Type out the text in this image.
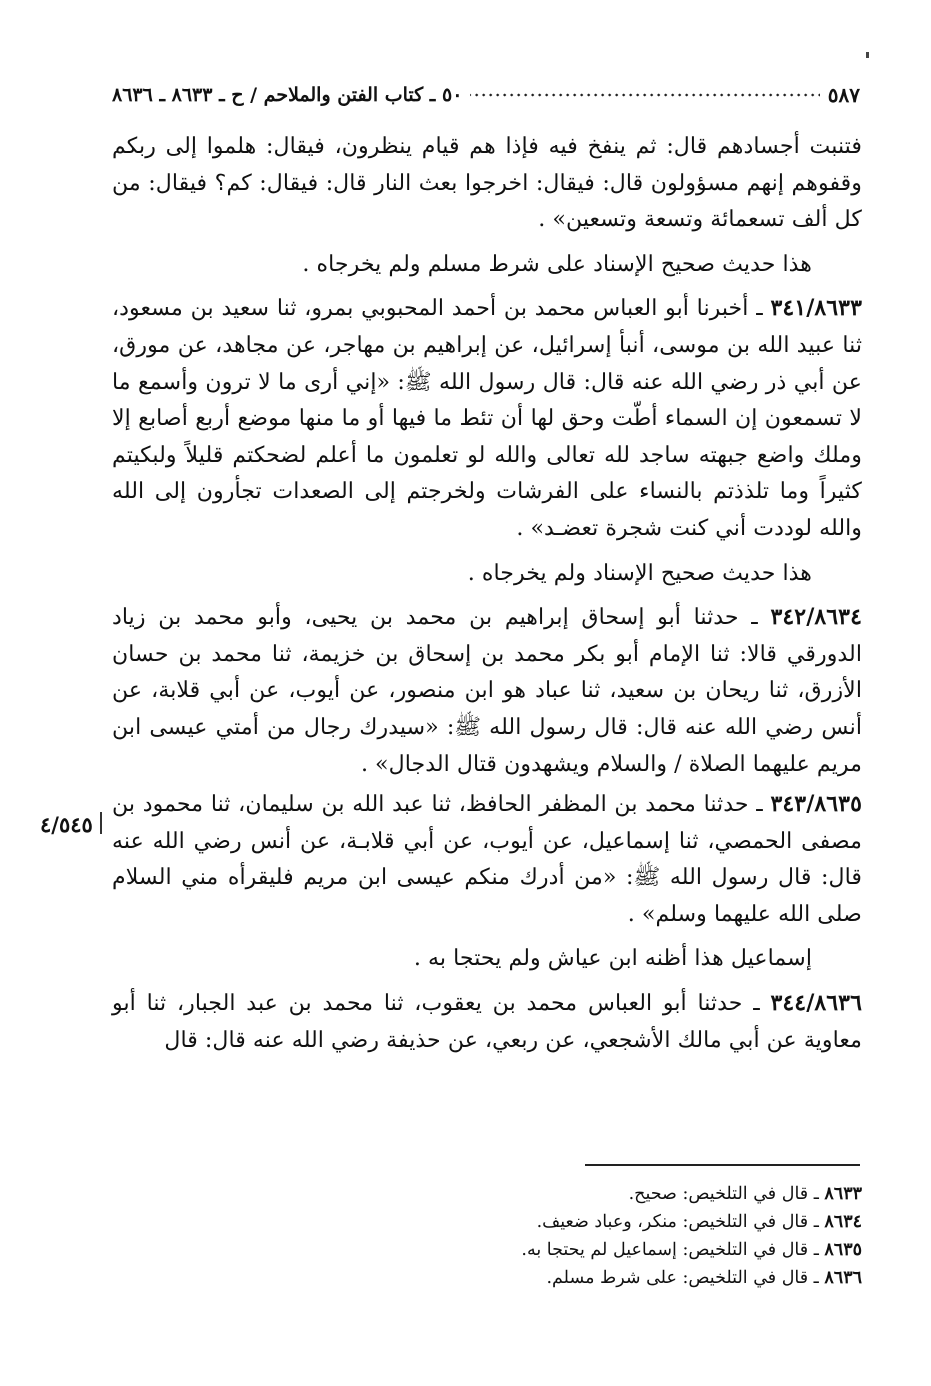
٥٠ ـ كتاب الفتن والملاحم / ح ـ ٨٦٣٣ ـ ٨٦٣٦	٥٨٧

فتنبت أجسادهم قال: ثم ينفخ فيه فإذا هم قيام ينظرون، فيقال: هلموا إلى ربكم وقفوهم إنهم مسؤولون قال: فيقال: اخرجوا بعث النار قال: فيقال: كم؟ فيقال: من كل ألف تسعمائة وتسعة وتسعين» .

هذا حديث صحيح الإسناد على شرط مسلم ولم يخرجاه .

٣٤١/٨٦٣٣ ـ أخبرنا أبو العباس محمد بن أحمد المحبوبي بمرو، ثنا سعيد بن مسعود، ثنا عبيد الله بن موسى، أنبأ إسرائيل، عن إبراهيم بن مهاجر، عن مجاهد، عن مورق، عن أبي ذر رضي الله عنه قال: قال رسول الله ﷺ: «إني أرى ما لا ترون وأسمع ما لا تسمعون إن السماء أطّت وحق لها أن تئط ما فيها أو ما منها موضع أربع أصابع إلا وملك واضع جبهته ساجد لله تعالى والله لو تعلمون ما أعلم لضحكتم قليلاً ولبكيتم كثيراً وما تلذذتم بالنساء على الفرشات ولخرجتم إلى الصعدات تجأرون إلى الله والله لوددت أني كنت شجرة تعضـد» .

هذا حديث صحيح الإسناد ولم يخرجاه .

٣٤٢/٨٦٣٤ ـ حدثنا أبو إسحاق إبراهيم بن محمد بن يحيى، وأبو محمد بن زياد الدورقي قالا: ثنا الإمام أبو بكر محمد بن إسحاق بن خزيمة، ثنا محمد بن حسان الأزرق، ثنا ريحان بن سعيد، ثنا عباد هو ابن منصور، عن أيوب، عن أبي قلابة، عن أنس رضي الله عنه قال: قال رسول الله ﷺ: «سيدرك رجال من أمتي عيسى ابن مريم عليهما الصلاة / والسلام ويشهدون قتال الدجال» .

٣٤٣/٨٦٣٥ ـ حدثنا محمد بن المظفر الحافظ، ثنا عبد الله بن سليمان، ثنا محمود بن مصفى الحمصي، ثنا إسماعيل، عن أيوب، عن أبي قلابـة، عن أنس رضي الله عنه قال: قال رسول الله ﷺ: «من أدرك منكم عيسى ابن مريم فليقرأه مني السلام صلى الله عليهما وسلم» .

إسماعيل هذا أظنه ابن عياش ولم يحتجا به .

٣٤٤/٨٦٣٦ ـ حدثنا أبو العباس محمد بن يعقوب، ثنا محمد بن عبد الجبار، ثنا أبو معاوية عن أبي مالك الأشجعي، عن ربعي، عن حذيفة رضي الله عنه قال: قال

٤/٥٤٥

٨٦٣٣ ـ قال في التلخيص: صحيح.

٨٦٣٤ ـ قال في التلخيص: منكر، وعباد ضعيف.

٨٦٣٥ ـ قال في التلخيص: إسماعيل لم يحتجا به.

٨٦٣٦ ـ قال في التلخيص: على شرط مسلم.
